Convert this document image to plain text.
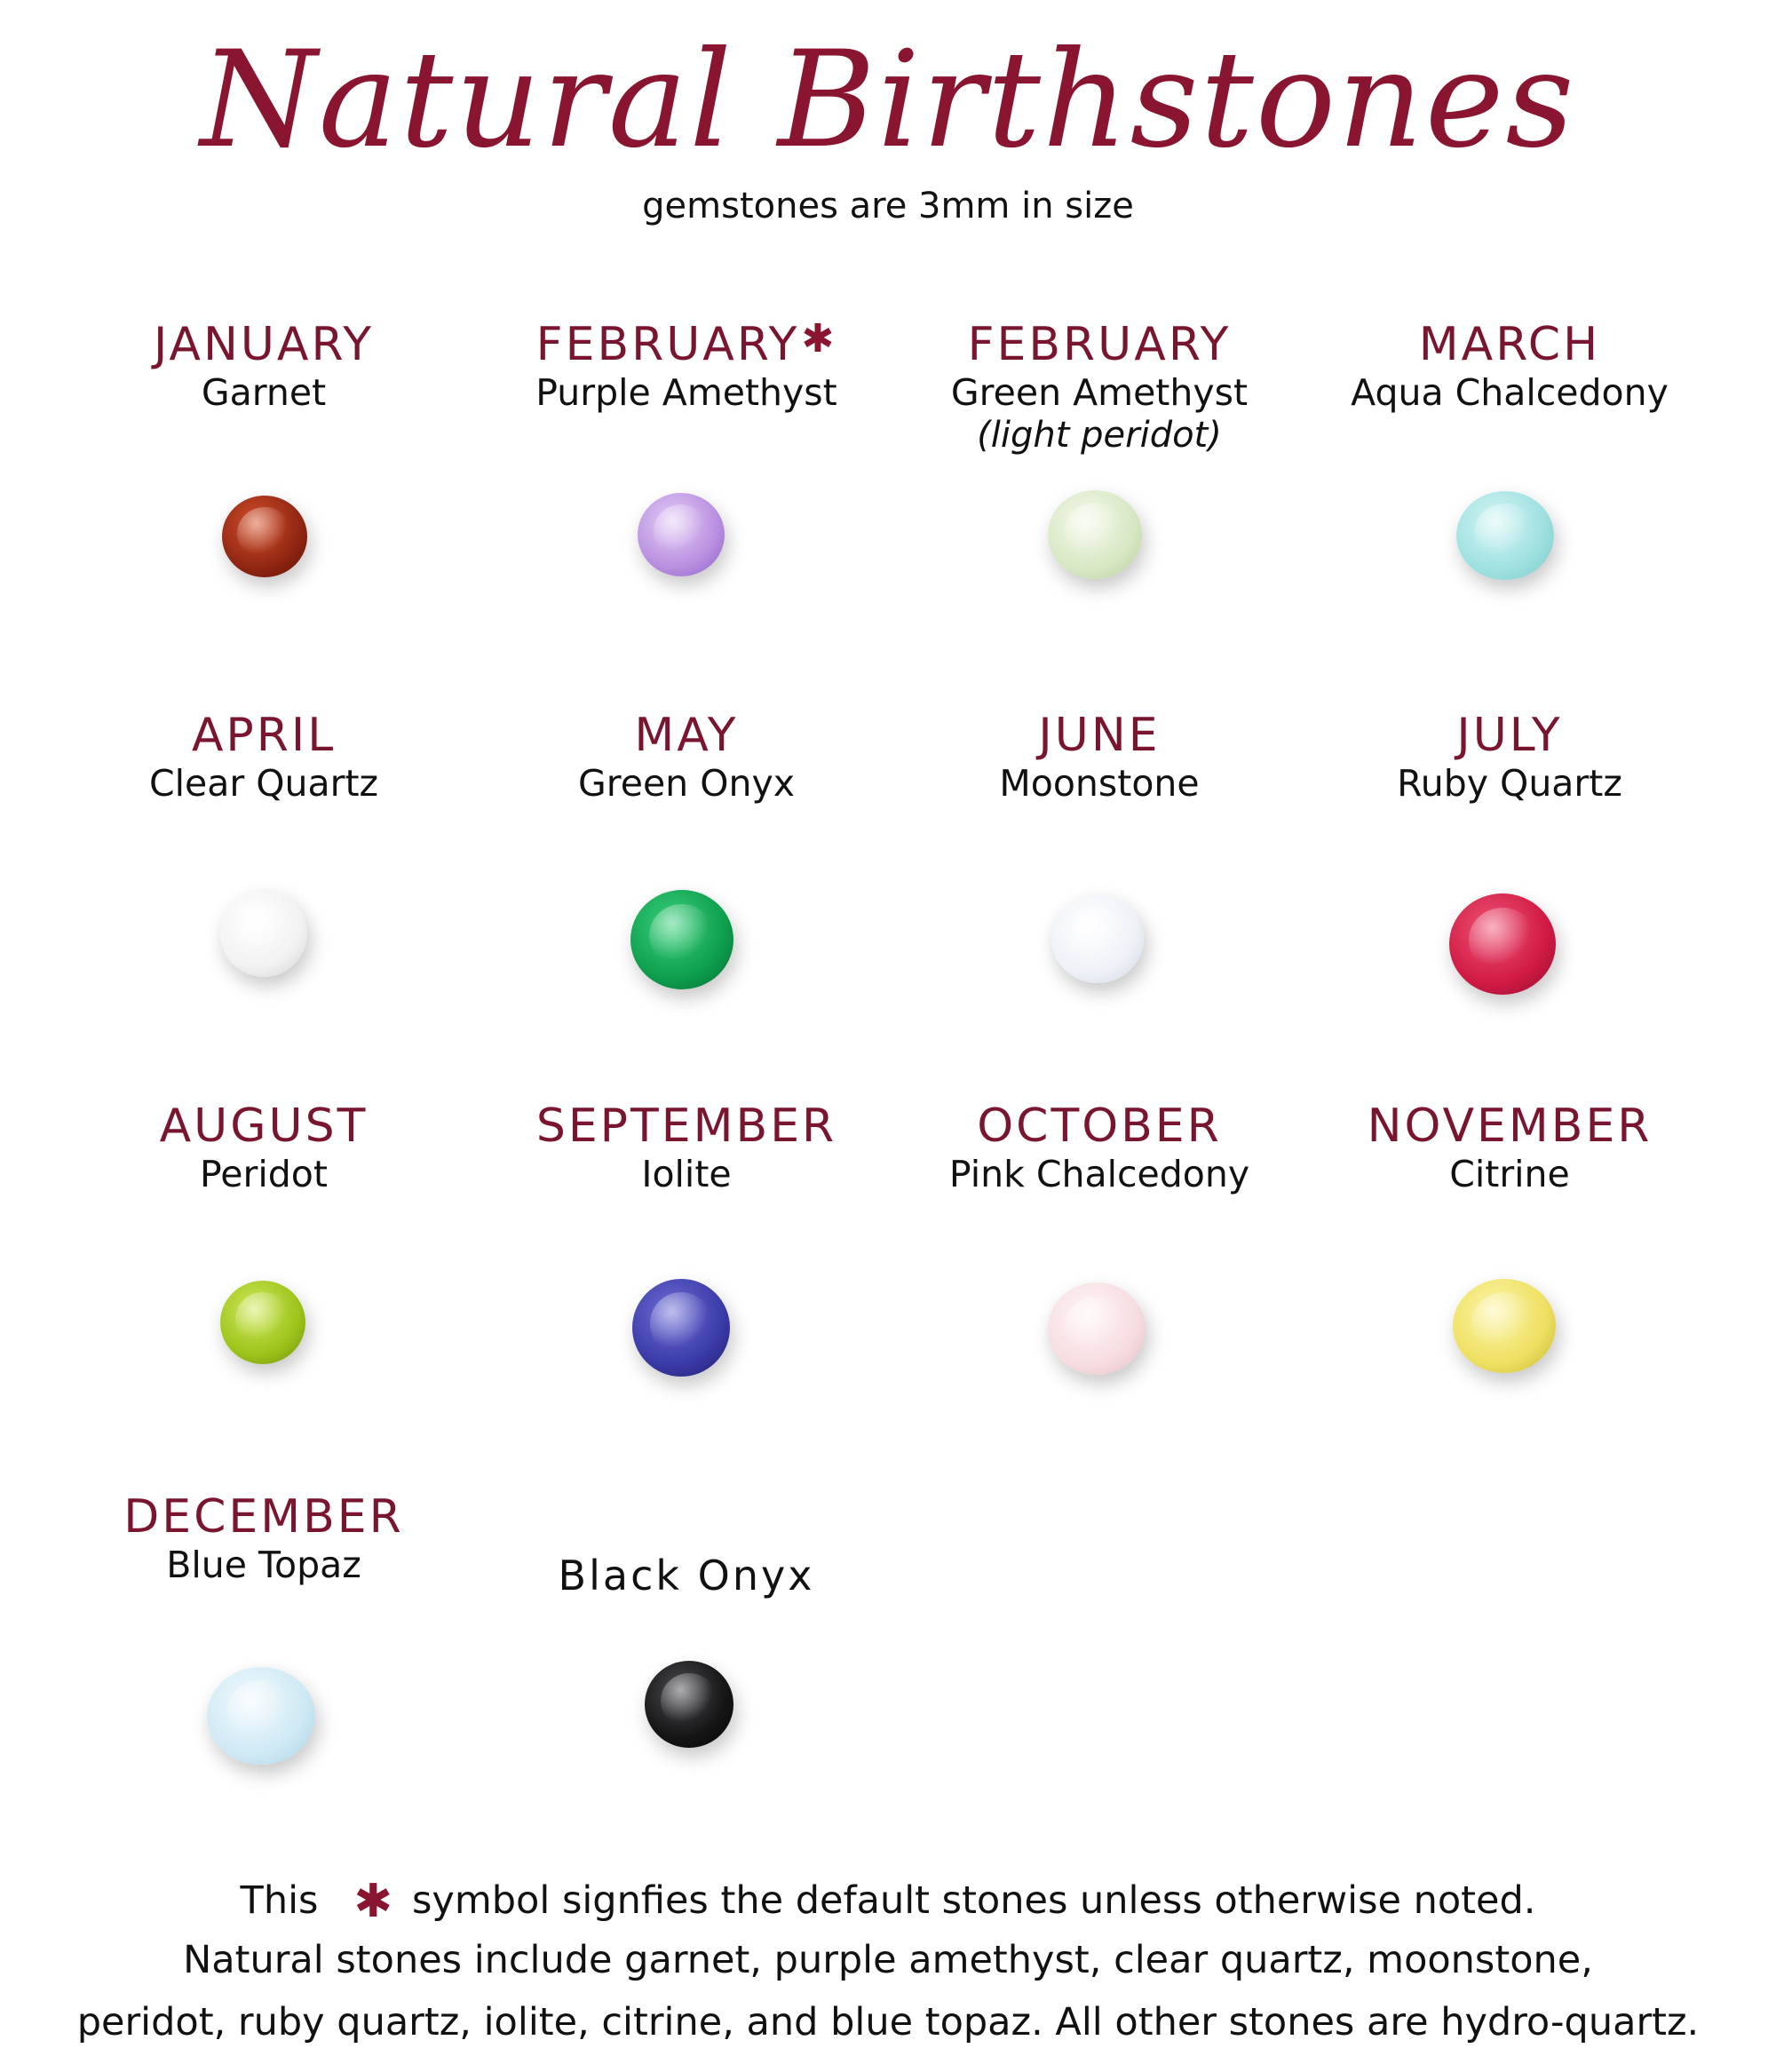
Natural Birthstones
gemstones are 3mm in size
JANUARY
Garnet
FEBRUARY✱
Purple Amethyst
FEBRUARY
Green Amethyst
(light peridot)
MARCH
Aqua Chalcedony
APRIL
Clear Quartz
MAY
Green Onyx
JUNE
Moonstone
JULY
Ruby Quartz
AUGUST
Peridot
SEPTEMBER
Iolite
OCTOBER
Pink Chalcedony
NOVEMBER
Citrine
DECEMBER
Blue Topaz	Black Onyx
This ✱ symbol signfies the default stones unless otherwise noted.
Natural stones include garnet, purple amethyst, clear quartz, moonstone,
peridot, ruby quartz, iolite, citrine, and blue topaz. All other stones are hydro-quartz.
